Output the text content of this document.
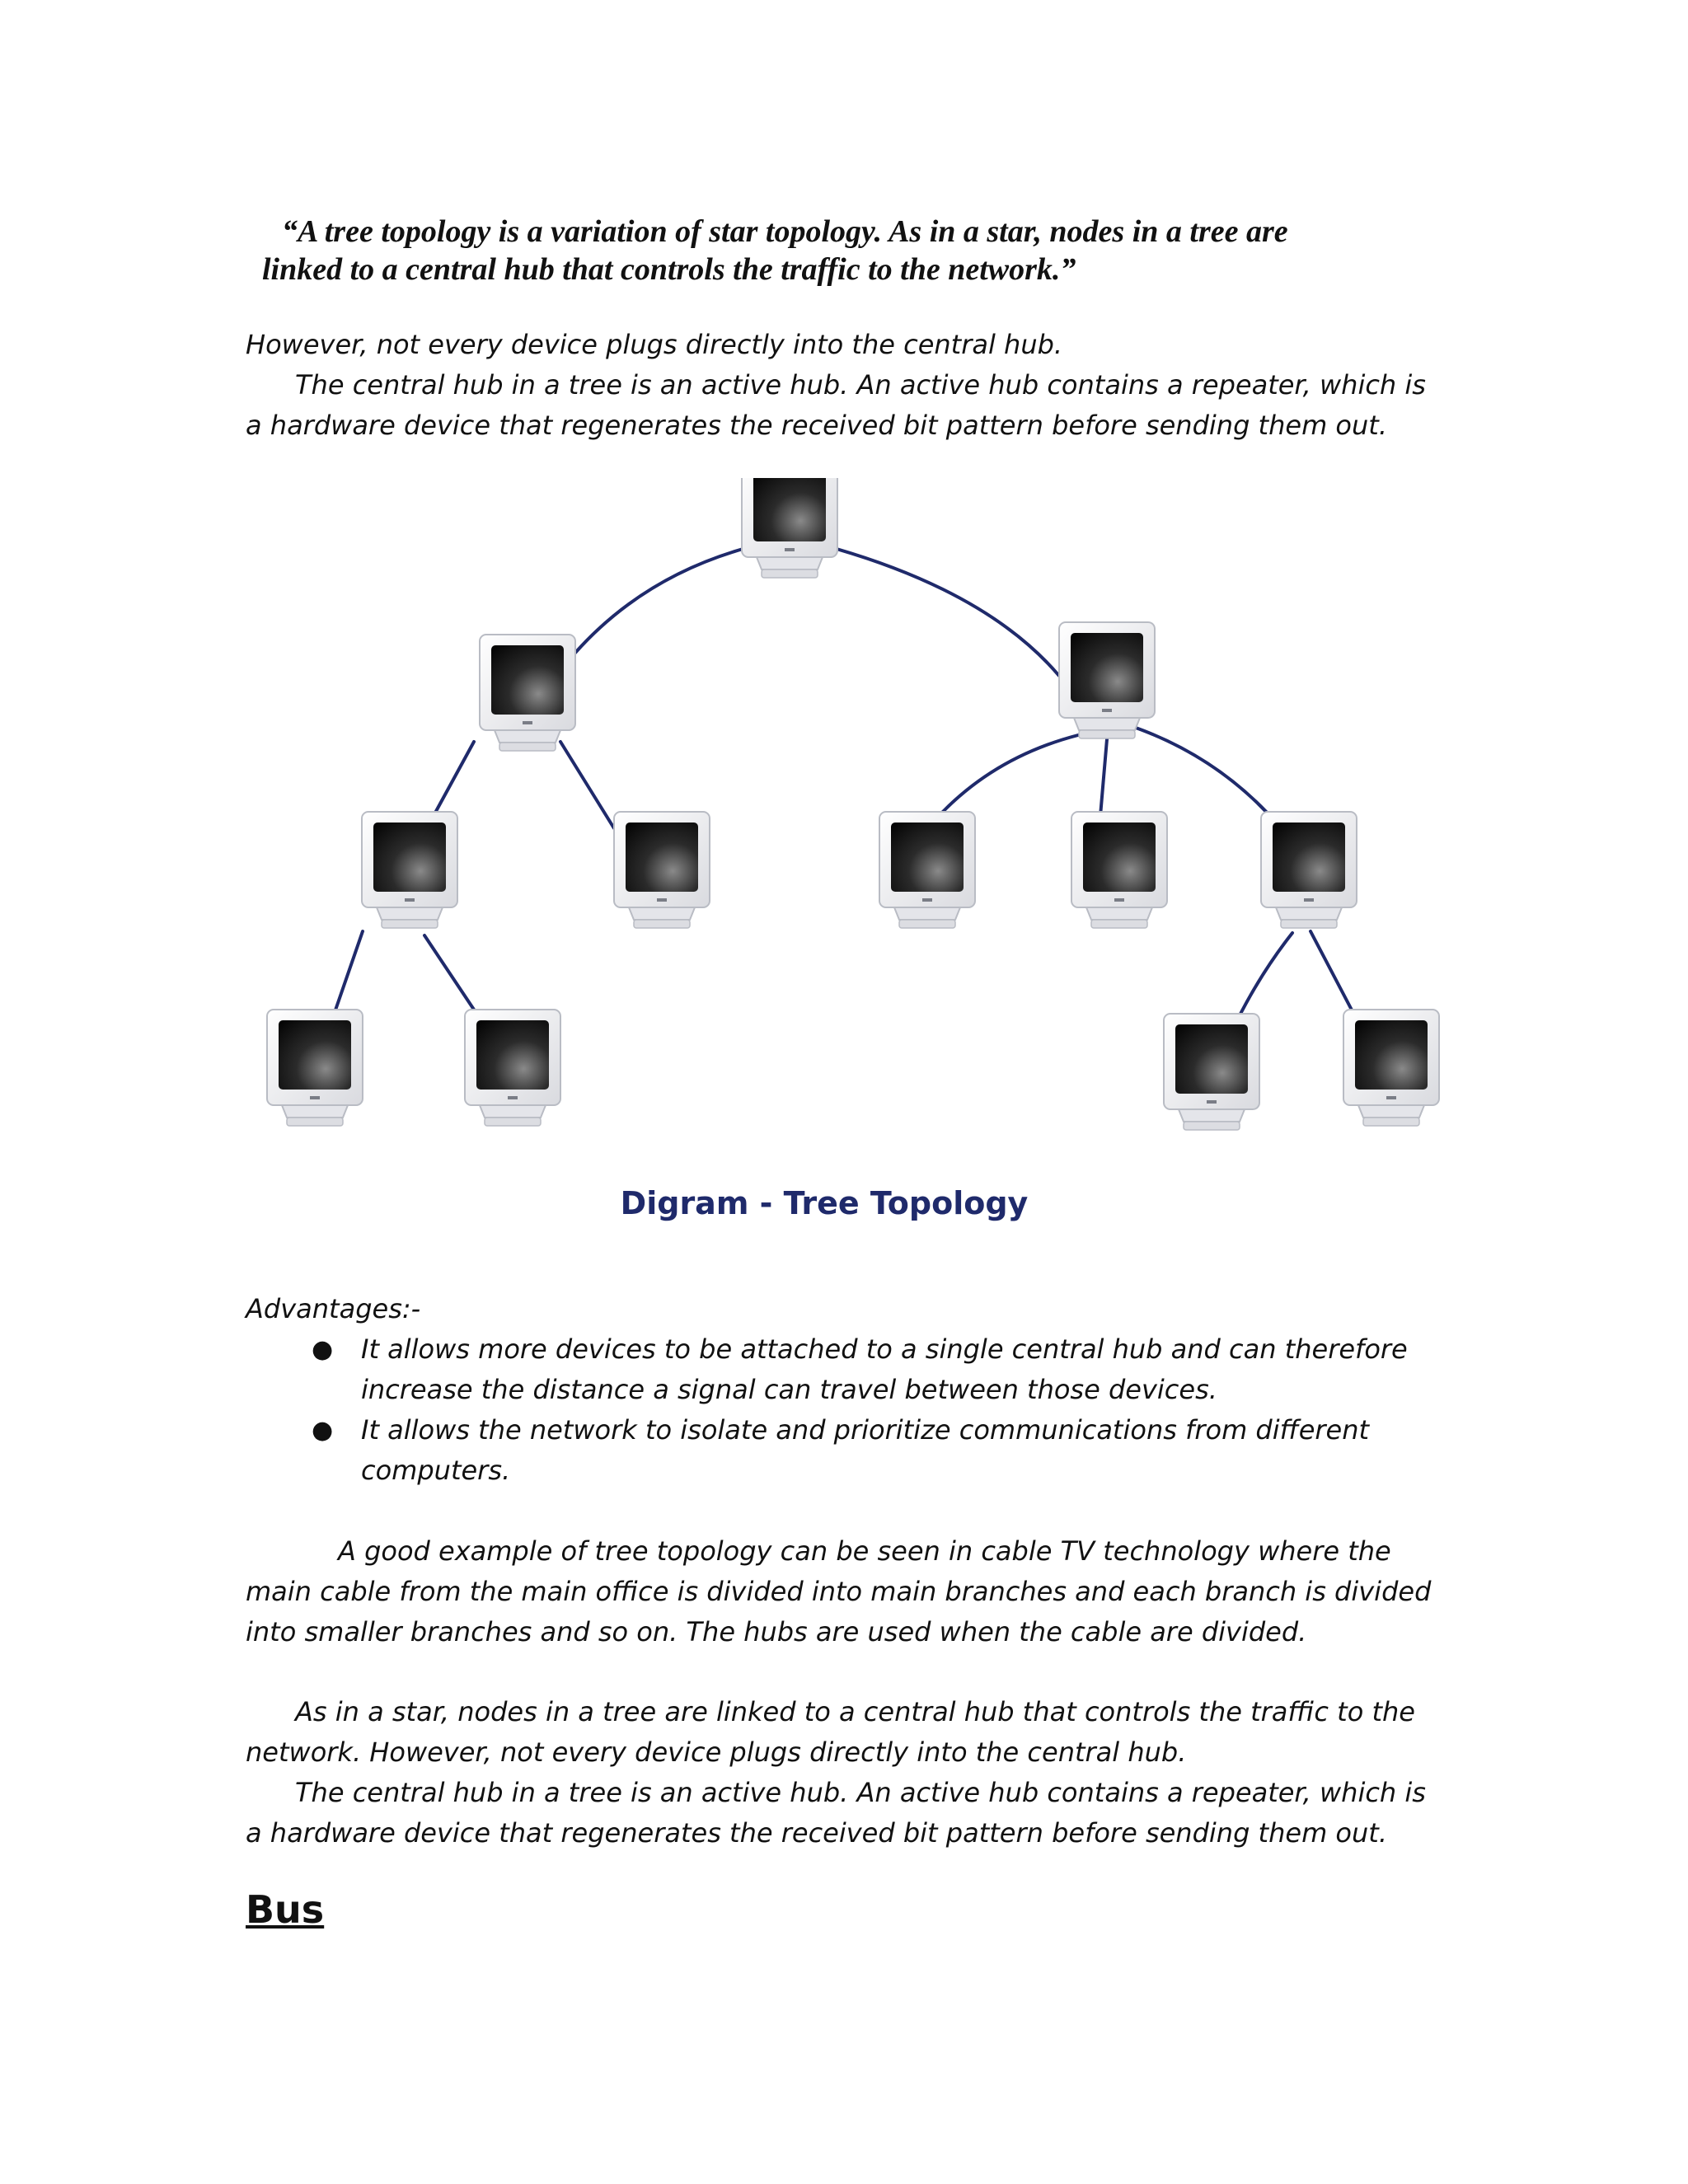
“A tree topology is a variation of star topology. As in a star, nodes in a tree are
linked to a central hub that controls the traffic to the network.”

However, not every device plugs directly into the central hub.
The central hub in a tree is an active hub. An active hub contains a repeater, which is
a hardware device that regenerates the received bit pattern before sending them out.
Digram - Tree Topology
Advantages:-
● It allows more devices to be attached to a single central hub and can therefore
increase the distance a signal can travel between those devices.
● It allows the network to isolate and prioritize communications from different
computers.
A good example of tree topology can be seen in cable TV technology where the
main cable from the main office is divided into main branches and each branch is divided
into smaller branches and so on. The hubs are used when the cable are divided.
As in a star, nodes in a tree are linked to a central hub that controls the traffic to the
network. However, not every device plugs directly into the central hub.
The central hub in a tree is an active hub. An active hub contains a repeater, which is
a hardware device that regenerates the received bit pattern before sending them out.
Bus
